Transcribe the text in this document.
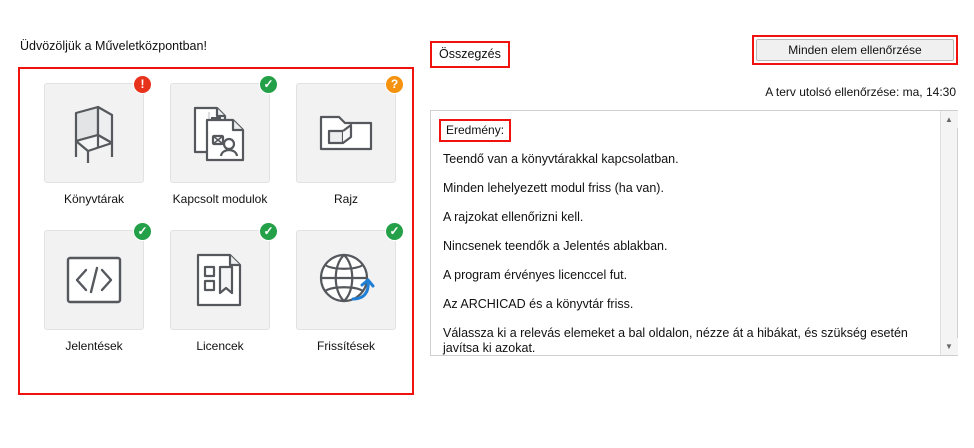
Üdvözöljük a Műveletközpontban!
!
Könyvtárak
✓
Kapcsolt modulok
?
Rajz
✓
Jelentések
✓
Licencek
✓
Frissítések
Összegzés	Minden elem ellenőrzése
A terv utolsó ellenőrzése: ma, 14:30
Eredmény:
Teendő van a könyvtárakkal kapcsolatban.
Minden lehelyezett modul friss (ha van).
A rajzokat ellenőrizni kell.
Nincsenek teendők a Jelentés ablakban.
A program érvényes licenccel fut.
Az ARCHICAD és a könyvtár friss.
Válassza ki a relevás elemeket a bal oldalon, nézze át a hibákat, és szükség esetén javítsa ki azokat.
▲
▼
